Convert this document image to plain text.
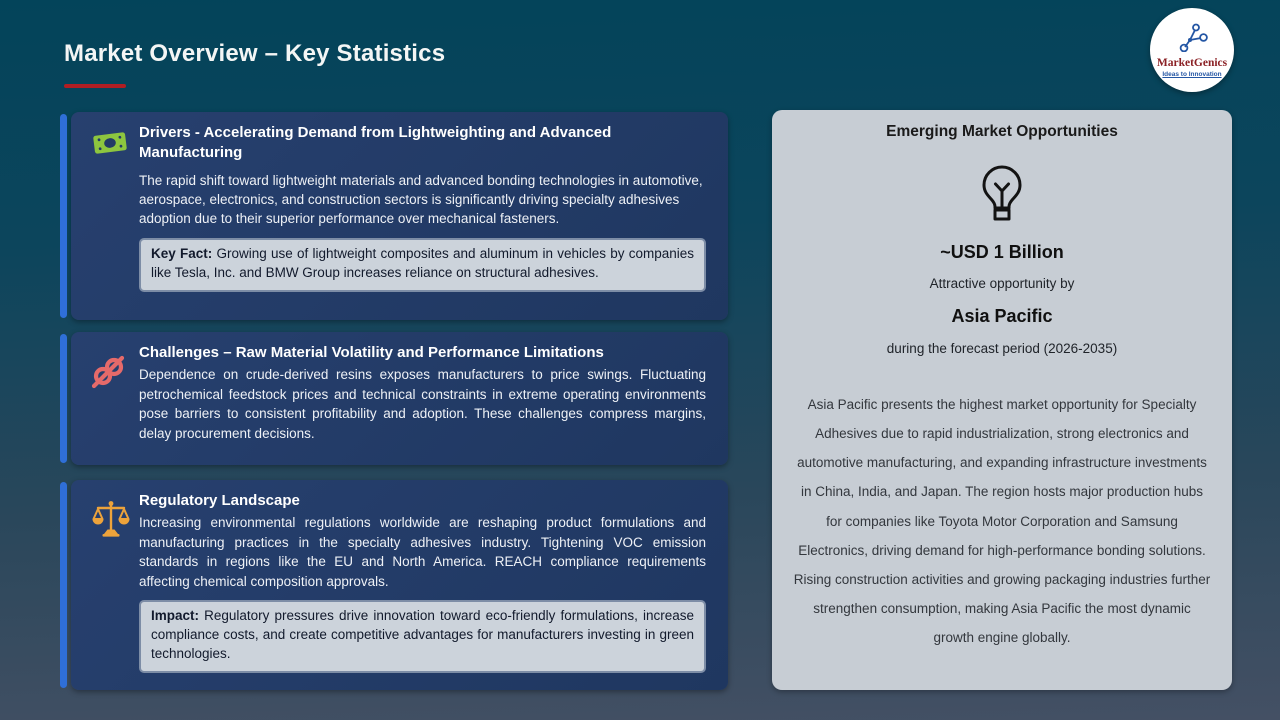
Market Overview – Key Statistics	MarketGenics
Ideas to Innovation
Drivers - Accelerating Demand from Lightweighting and Advanced Manufacturing
The rapid shift toward lightweight materials and advanced bonding technologies in automotive, aerospace, electronics, and construction sectors is significantly driving specialty adhesives adoption due to their superior performance over mechanical fasteners.
Key Fact: Growing use of lightweight composites and aluminum in vehicles by companies like Tesla, Inc. and BMW Group increases reliance on structural adhesives.
Challenges – Raw Material Volatility and Performance Limitations
Dependence on crude-derived resins exposes manufacturers to price swings. Fluctuating petrochemical feedstock prices and technical constraints in extreme operating environments pose barriers to consistent profitability and adoption. These challenges compress margins, delay procurement decisions.
Regulatory Landscape
Increasing environmental regulations worldwide are reshaping product formulations and manufacturing practices in the specialty adhesives industry. Tightening VOC emission standards in regions like the EU and North America. REACH compliance requirements affecting chemical composition approvals.
Impact: Regulatory pressures drive innovation toward eco-friendly formulations, increase compliance costs, and create competitive advantages for manufacturers investing in green technologies.
Emerging Market Opportunities
~USD 1 Billion
Attractive opportunity by
Asia Pacific
during the forecast period (2026-2035)
Asia Pacific presents the highest market opportunity for Specialty Adhesives due to rapid industrialization, strong electronics and automotive manufacturing, and expanding infrastructure investments in China, India, and Japan. The region hosts major production hubs for companies like Toyota Motor Corporation and Samsung Electronics, driving demand for high-performance bonding solutions. Rising construction activities and growing packaging industries further strengthen consumption, making Asia Pacific the most dynamic growth engine globally.
